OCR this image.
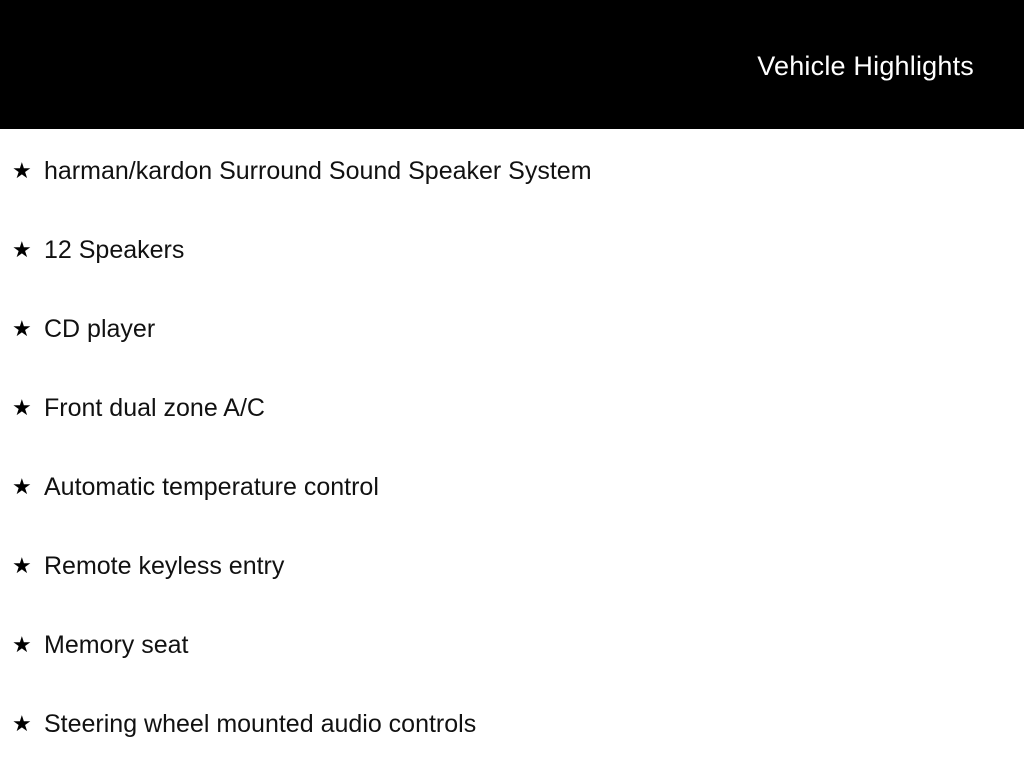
Vehicle Highlights
★ harman/kardon Surround Sound Speaker System
★ 12 Speakers
★ CD player
★ Front dual zone A/C
★ Automatic temperature control
★ Remote keyless entry
★ Memory seat
★ Steering wheel mounted audio controls
